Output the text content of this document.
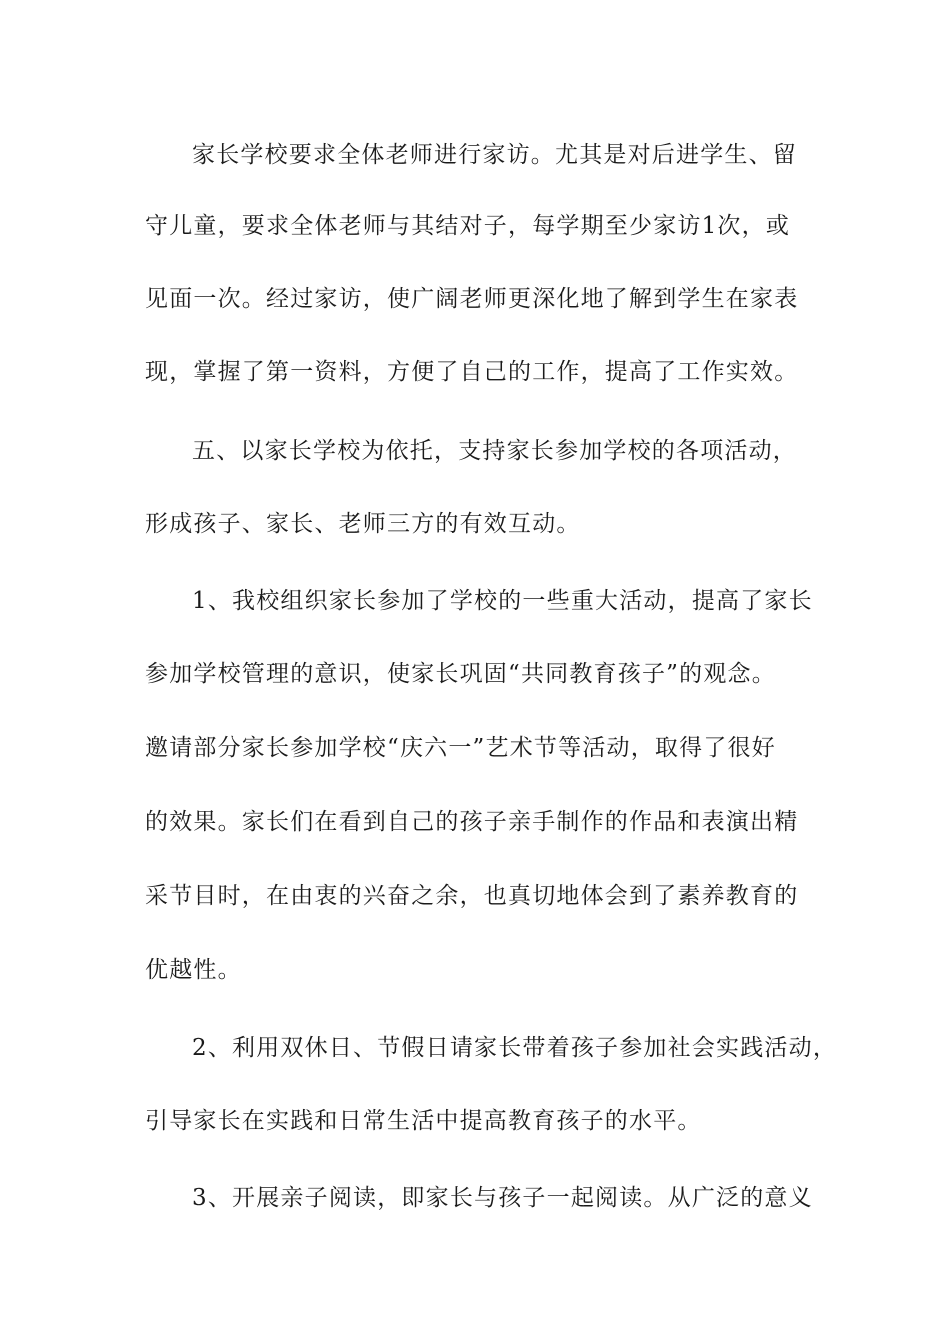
家长学校要求全体老师进行家访。尤其是对后进学生、留
守儿童，要求全体老师与其结对子，每学期至少家访1次，或
见面一次。经过家访，使广阔老师更深化地了解到学生在家表
现，掌握了第一资料，方便了自己的工作，提高了工作实效。
五、以家长学校为依托，支持家长参加学校的各项活动，
形成孩子、家长、老师三方的有效互动。
1、我校组织家长参加了学校的一些重大活动，提高了家长
参加学校管理的意识，使家长巩固“共同教育孩子”的观念。
邀请部分家长参加学校“庆六一”艺术节等活动，取得了很好
的效果。家长们在看到自己的孩子亲手制作的作品和表演出精
采节目时，在由衷的兴奋之余，也真切地体会到了素养教育的
优越性。
2、利用双休日、节假日请家长带着孩子参加社会实践活动，
引导家长在实践和日常生活中提高教育孩子的水平。
3、开展亲子阅读，即家长与孩子一起阅读。从广泛的意义
